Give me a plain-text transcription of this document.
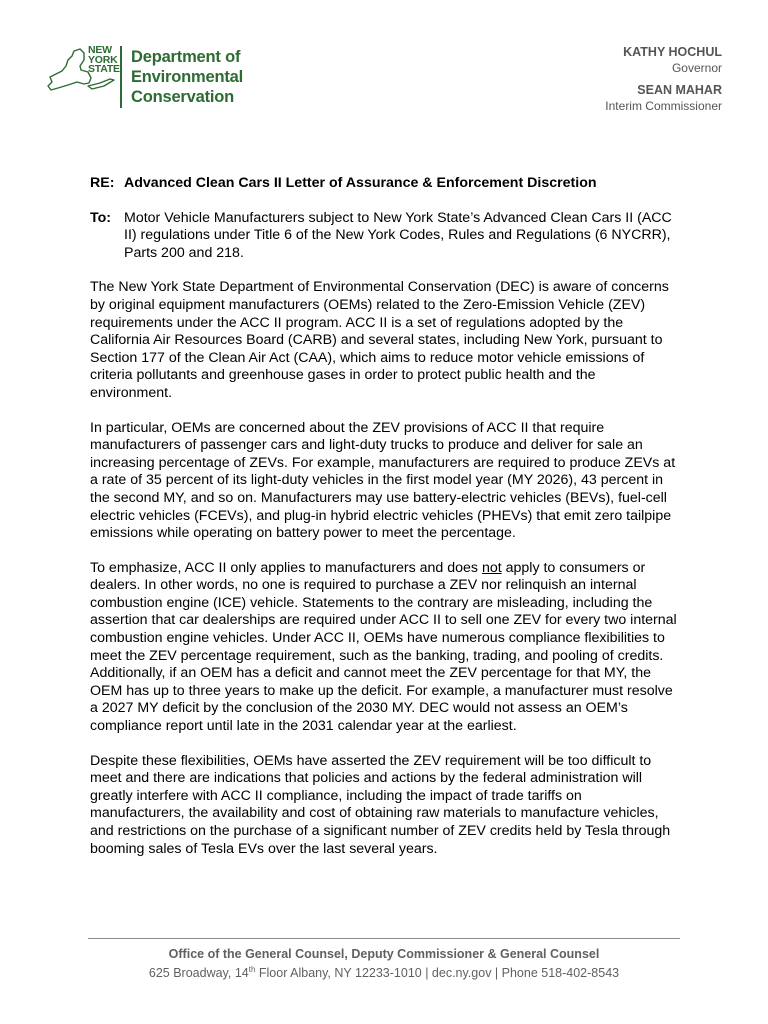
NEW
YORK
STATE
Department of
Environmental
Conservation
KATHY HOCHUL
Governor
SEAN MAHAR
Interim Commissioner
RE: Advanced Clean Cars II Letter of Assurance & Enforcement Discretion
To: Motor Vehicle Manufacturers subject to New York State’s Advanced Clean Cars II (ACC II) regulations under Title 6 of the New York Codes, Rules and Regulations (6 NYCRR), Parts 200 and 218.

The New York State Department of Environmental Conservation (DEC) is aware of concerns by original equipment manufacturers (OEMs) related to the Zero-Emission Vehicle (ZEV) requirements under the ACC II program. ACC II is a set of regulations adopted by the California Air Resources Board (CARB) and several states, including New York, pursuant to Section 177 of the Clean Air Act (CAA), which aims to reduce motor vehicle emissions of criteria pollutants and greenhouse gases in order to protect public health and the environment.

In particular, OEMs are concerned about the ZEV provisions of ACC II that require manufacturers of passenger cars and light-duty trucks to produce and deliver for sale an increasing percentage of ZEVs. For example, manufacturers are required to produce ZEVs at a rate of 35 percent of its light-duty vehicles in the first model year (MY 2026), 43 percent in the second MY, and so on. Manufacturers may use battery-electric vehicles (BEVs), fuel-cell electric vehicles (FCEVs), and plug-in hybrid electric vehicles (PHEVs) that emit zero tailpipe emissions while operating on battery power to meet the percentage.

To emphasize, ACC II only applies to manufacturers and does not apply to consumers or dealers. In other words, no one is required to purchase a ZEV nor relinquish an internal combustion engine (ICE) vehicle. Statements to the contrary are misleading, including the assertion that car dealerships are required under ACC II to sell one ZEV for every two internal combustion engine vehicles. Under ACC II, OEMs have numerous compliance flexibilities to meet the ZEV percentage requirement, such as the banking, trading, and pooling of credits. Additionally, if an OEM has a deficit and cannot meet the ZEV percentage for that MY, the OEM has up to three years to make up the deficit. For example, a manufacturer must resolve a 2027 MY deficit by the conclusion of the 2030 MY. DEC would not assess an OEM’s compliance report until late in the 2031 calendar year at the earliest.

Despite these flexibilities, OEMs have asserted the ZEV requirement will be too difficult to meet and there are indications that policies and actions by the federal administration will greatly interfere with ACC II compliance, including the impact of trade tariffs on manufacturers, the availability and cost of obtaining raw materials to manufacture vehicles, and restrictions on the purchase of a significant number of ZEV credits held by Tesla through booming sales of Tesla EVs over the last several years.

Office of the General Counsel, Deputy Commissioner & General Counsel
625 Broadway, 14th Floor Albany, NY 12233-1010 | dec.ny.gov | Phone 518-402-8543
